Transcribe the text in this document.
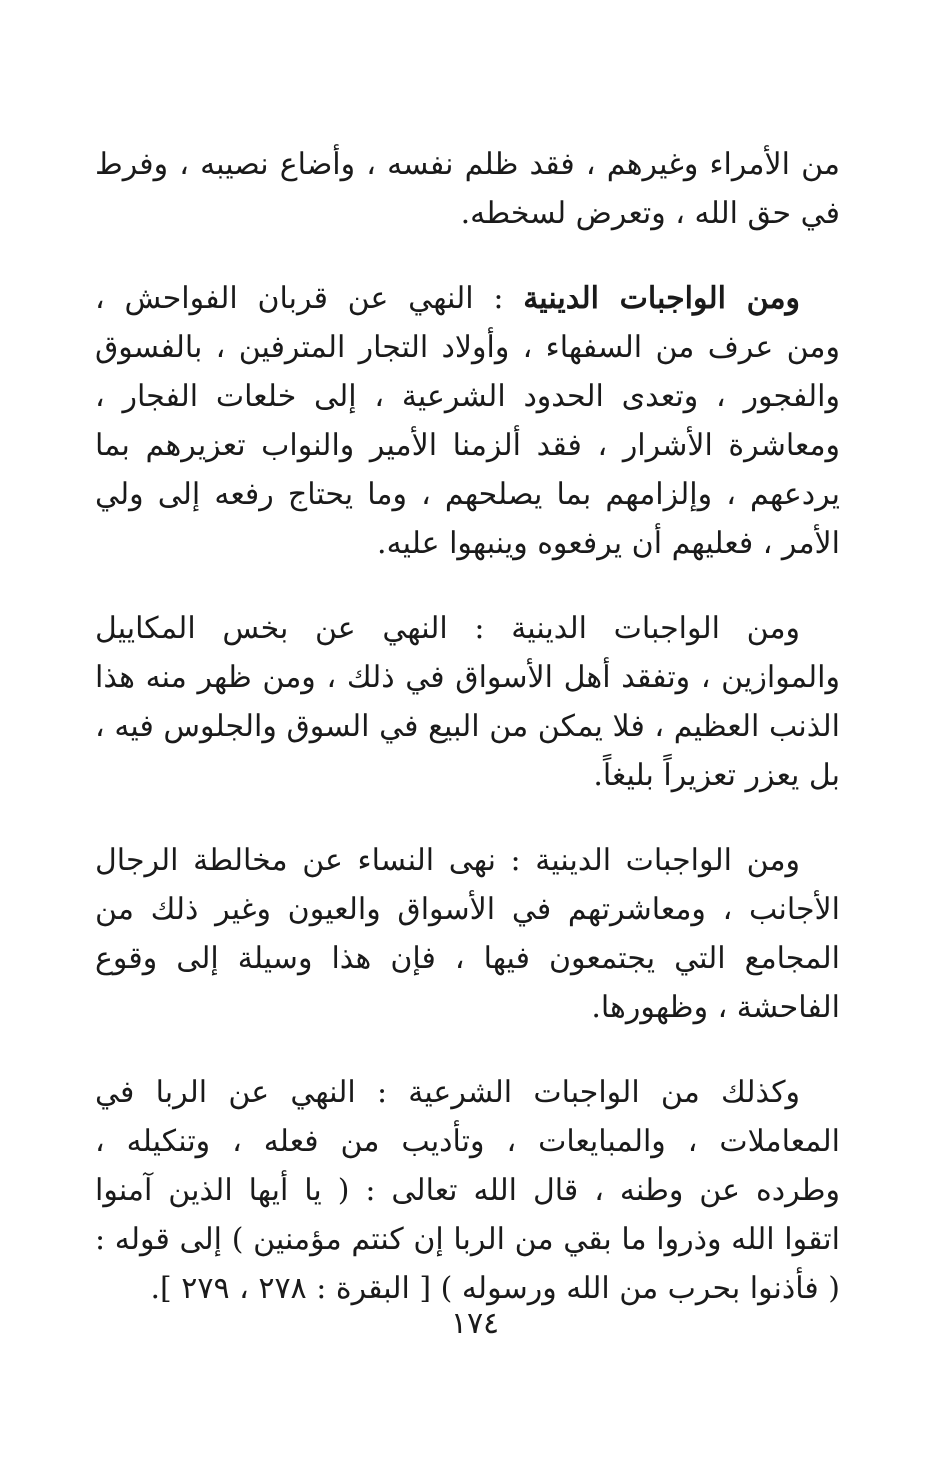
من الأمراء وغيرهم ، فقد ظلم نفسه ، وأضاع نصيبه ، وفرط
في حق الله ، وتعرض لسخطه.

ومن الواجبات الدينية : النهي عن قربان الفواحش ،
ومن عرف من السفهاء ، وأولاد التجار المترفين ، بالفسوق
والفجور ، وتعدى الحدود الشرعية ، إلى خلعات الفجار ،
ومعاشرة الأشرار ، فقد ألزمنا الأمير والنواب تعزيرهم بما
يردعهم ، وإلزامهم بما يصلحهم ، وما يحتاج رفعه إلى ولي
الأمر ، فعليهم أن يرفعوه وينبهوا عليه.

ومن الواجبات الدينية : النهي عن بخس المكاييل
والموازين ، وتفقد أهل الأسواق في ذلك ، ومن ظهر منه هذا
الذنب العظيم ، فلا يمكن من البيع في السوق والجلوس فيه ،
بل يعزر تعزيراً بليغاً.

ومن الواجبات الدينية : نهى النساء عن مخالطة الرجال
الأجانب ، ومعاشرتهم في الأسواق والعيون وغير ذلك من
المجامع التي يجتمعون فيها ، فإن هذا وسيلة إلى وقوع
الفاحشة ، وظهورها.

وكذلك من الواجبات الشرعية : النهي عن الربا في
المعاملات ، والمبايعات ، وتأديب من فعله ، وتنكيله ،
وطرده عن وطنه ، قال الله تعالى : ( يا أيها الذين آمنوا
اتقوا الله وذروا ما بقي من الربا إن كنتم مؤمنين ) إلى قوله :
( فأذنوا بحرب من الله ورسوله ) [ البقرة : ٢٧٨ ، ٢٧٩ ].

١٧٤
